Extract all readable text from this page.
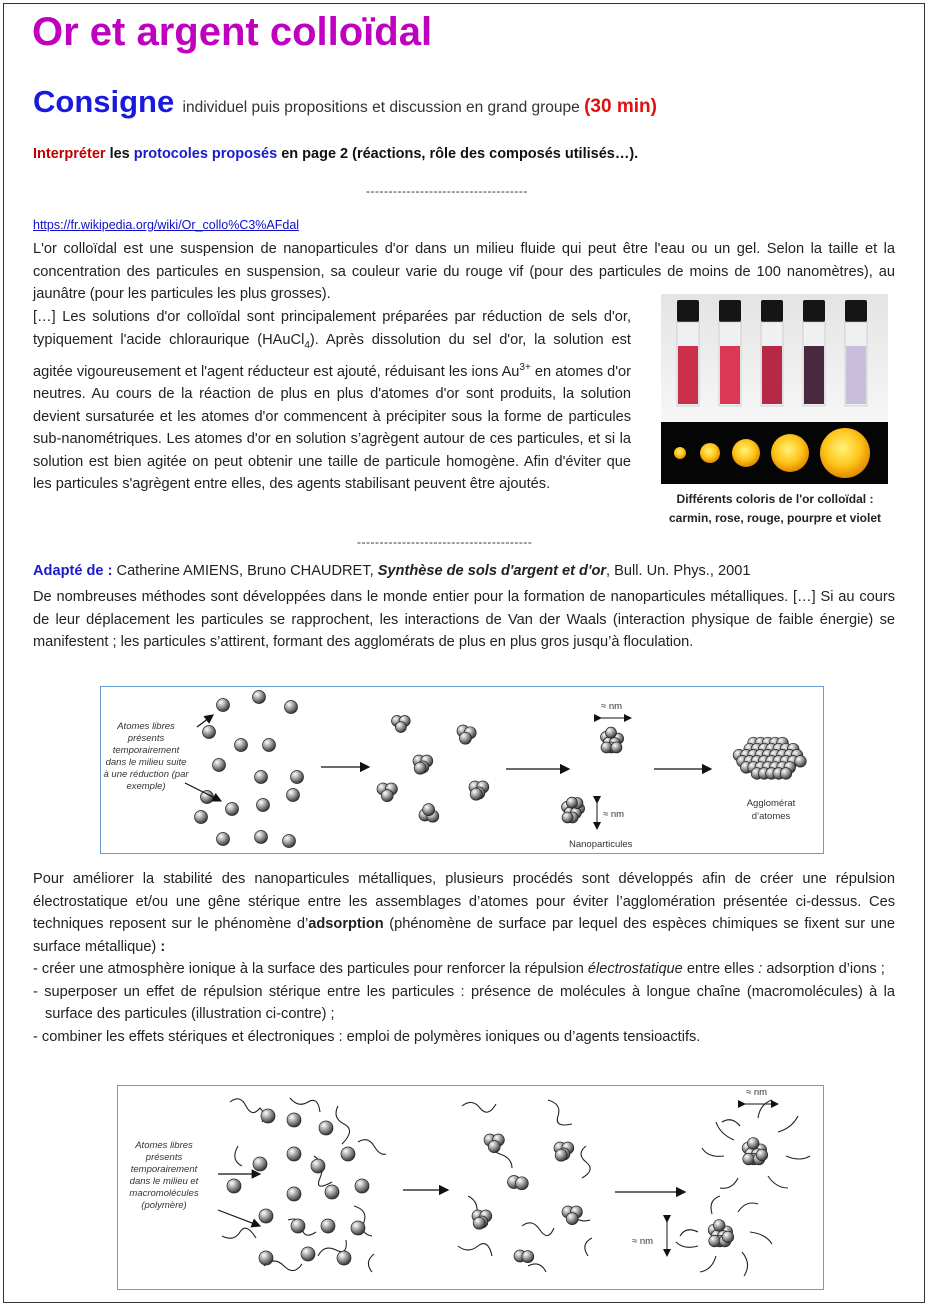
Or et argent colloïdal
Consigne individuel puis propositions et discussion en grand groupe (30 min)
Interpréter les protocoles proposés en page 2 (réactions, rôle des composés utilisés…).
------------------------------------
https://fr.wikipedia.org/wiki/Or_collo%C3%AFdal
L'or colloïdal est une suspension de nanoparticules d'or dans un milieu fluide qui peut être l'eau ou un gel. Selon la taille et la concentration des particules en suspension, sa couleur varie du rouge vif (pour des particules de moins de 100 nanomètres), au jaunâtre (pour les particules les plus grosses).
[…] Les solutions d'or colloïdal sont principalement préparées par réduction de sels d'or, typiquement l'acide chloraurique (HAuCl$_4$). Après dissolution du sel d'or, la solution est agitée vigoureusement et l'agent réducteur est ajouté, réduisant les ions $Au^{3+}$ en atomes d'or neutres. Au cours de la réaction de plus en plus d'atomes d'or sont produits, la solution devient sursaturée et les atomes d'or commencent à précipiter sous la forme de particules sub-nanométriques. Les atomes d'or en solution s’agrègent autour de ces particules, et si la solution est bien agitée on peut obtenir une taille de particule homogène. Afin d'éviter que les particules s'agrègent entre elles, des agents stabilisant peuvent être ajoutés.
Différents coloris de l'or colloïdal : carmin, rose, rouge, pourpre et violet
---------------------------------------
Adapté de : Catherine AMIENS, Bruno CHAUDRET, Synthèse de sols d'argent et d'or, Bull. Un. Phys., 2001
De nombreuses méthodes sont développées dans le monde entier pour la formation de nanoparticules métalliques. […] Si au cours de leur déplacement les particules se rapprochent, les interactions de Van der Waals (interaction physique de faible énergie) se manifestent ; les particules s’attirent, formant des agglomérats de plus en plus gros jusqu’à floculation.
Atomes libres présents temporairement dans le milieu suite à une réduction (par exemple)
≈ nm
≈ nm
Nanoparticules
Agglomérat d’atomes
Pour améliorer la stabilité des nanoparticules métalliques, plusieurs procédés sont développés afin de créer une répulsion électrostatique et/ou une gêne stérique entre les assemblages d’atomes pour éviter l’agglomération présentée ci-dessus. Ces techniques reposent sur le phénomène d’adsorption (phénomène de surface par lequel des espèces chimiques se fixent sur une surface métallique) :
- créer une atmosphère ionique à la surface des particules pour renforcer la répulsion électrostatique entre elles : adsorption d’ions ;
- superposer un effet de répulsion stérique entre les particules : présence de molécules à longue chaîne (macromolécules) à la surface des particules (illustration ci-contre) ;
- combiner les effets stériques et électroniques : emploi de polymères ioniques ou d’agents tensioactifs.
Atomes libres présents temporairement dans le milieu et macromolécules (polymère)
≈ nm
≈ nm
